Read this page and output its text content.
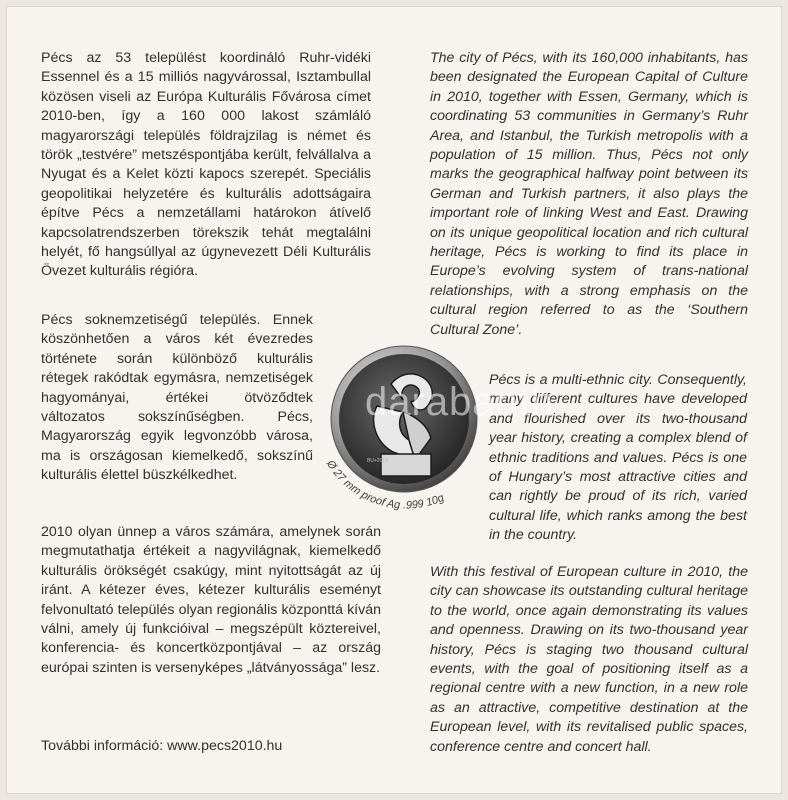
Pécs az 53 települést koordináló Ruhr-vidéki Essennel és a 15 milliós nagyvárossal, Isztambullal közösen viseli az Európa Kulturális Fővárosa címet 2010-ben, így a 160 000 lakost számláló magyarországi település földrajzilag is német és török „testvére” metszéspontjába került, felvállalva a Nyugat és a Kelet közti kapocs szerepét. Speciális geopolitikai helyzetére és kulturális adottságaira építve Pécs a nemzetállami határokon átívelő kapcsolatrendszerben törekszik tehát megtalálni helyét, fő hangsúllyal az úgynevezett Déli Kulturális Övezet kulturális régióra.

Pécs soknemzetiségű település. Ennek köszönhetően a város két évezredes története során különböző kulturális rétegek rakódtak egymásra, nemzetiségek hagyományai, értékei ötvöződtek változatos sokszínűségben. Pécs, Magyarország egyik legvonzóbb városa, ma is országosan kiemelkedő, sokszínű kulturális élettel büszkélkedhet.

2010 olyan ünnep a város számára, amelynek során megmutathatja értékeit a nagyvilágnak, kiemelkedő kulturális örökségét csakúgy, mint nyitottságát az új iránt. A kétezer éves, kétezer kulturális eseményt felvonultató település olyan regionális központtá kíván válni, amely új funkcióival – megszépült köztereivel, konferencia- és koncertközpontjával – az ország európai szinten is versenyképes „látványossága” lesz.

További információ: www.pecs2010.hu

The city of Pécs, with its 160,000 inhabitants, has been designated the European Capital of Culture in 2010, together with Essen, Germany, which is coordinating 53 communities in Germany’s Ruhr Area, and Istanbul, the Turkish metropolis with a population of 15 million. Thus, Pécs not only marks the geographical halfway point between its German and Turkish partners, it also plays the important role of linking West and East. Drawing on its unique geopolitical location and rich cultural heritage, Pécs is working to find its place in Europe’s evolving system of trans-national relationships, with a strong emphasis on the cultural region referred to as the ‘Southern Cultural Zone’.

Pécs is a multi-ethnic city. Consequently, many different cultures have developed and flourished over its two-thousand year history, creating a complex blend of ethnic traditions and values. Pécs is one of Hungary’s most attractive cities and can rightly be proud of its rich, varied cultural life, which ranks among the best in the country.

With this festival of European culture in 2010, the city can showcase its outstanding cultural heritage to the world, once again demonstrating its values and openness. Drawing on its two-thousand year history, Pécs is staging two thousand cultural events, with the goal of positioning itself as a regional centre with a new function, in a new role as an attractive, competitive destination at the European level, with its revitalised public spaces, conference centre and concert hall.

BU+2010
Ø 27 mm proof Ag .999 10g
darabanth
